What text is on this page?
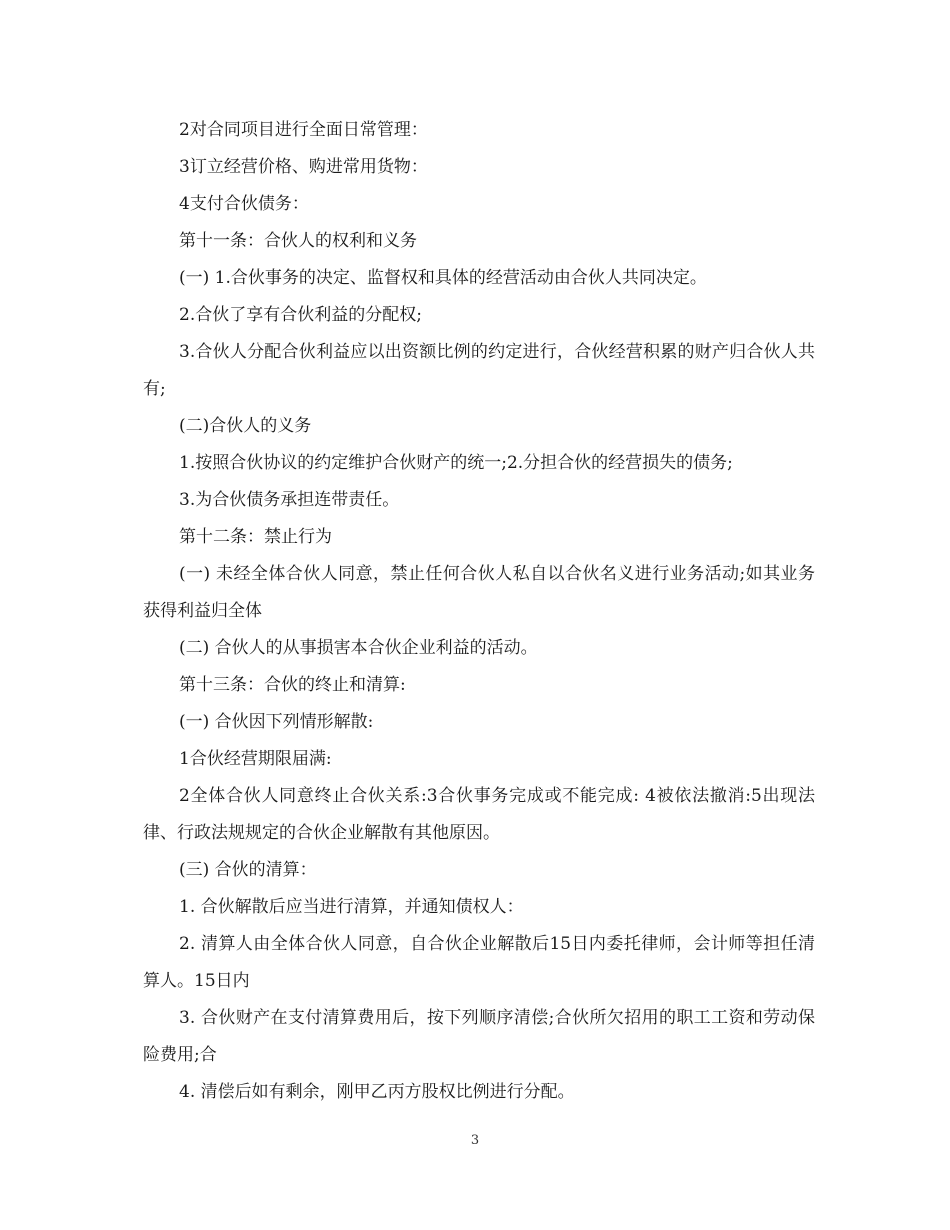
2对合同项目进行全面日常管理：

3订立经营价格、购进常用货物：

4支付合伙债务：

第十一条：合伙人的权利和义务

(一) 1.合伙事务的决定、监督权和具体的经营活动由合伙人共同决定。

2.合伙了享有合伙利益的分配权;

3.合伙人分配合伙利益应以出资额比例的约定进行，合伙经营积累的财产归合伙人共有;

(二)合伙人的义务

1.按照合伙协议的约定维护合伙财产的统一;2.分担合伙的经营损失的债务;

3.为合伙债务承担连带责任。

第十二条：禁止行为

(一) 未经全体合伙人同意，禁止任何合伙人私自以合伙名义进行业务活动;如其业务获得利益归全体

(二) 合伙人的从事损害本合伙企业利益的活动。

第十三条：合伙的终止和清算:

(一) 合伙因下列情形解散:

1合伙经营期限届满:

2全体合伙人同意终止合伙关系:3合伙事务完成或不能完成: 4被依法撤消:5出现法律、行政法规规定的合伙企业解散有其他原因。

(三) 合伙的清算：

1. 合伙解散后应当进行清算，并通知债权人：

2. 清算人由全体合伙人同意，自合伙企业解散后15日内委托律师，会计师等担任清算人。15日内

3. 合伙财产在支付清算费用后，按下列顺序清偿;合伙所欠招用的职工工资和劳动保险费用;合

4. 清偿后如有剩余，刚甲乙丙方股权比例进行分配。

3
